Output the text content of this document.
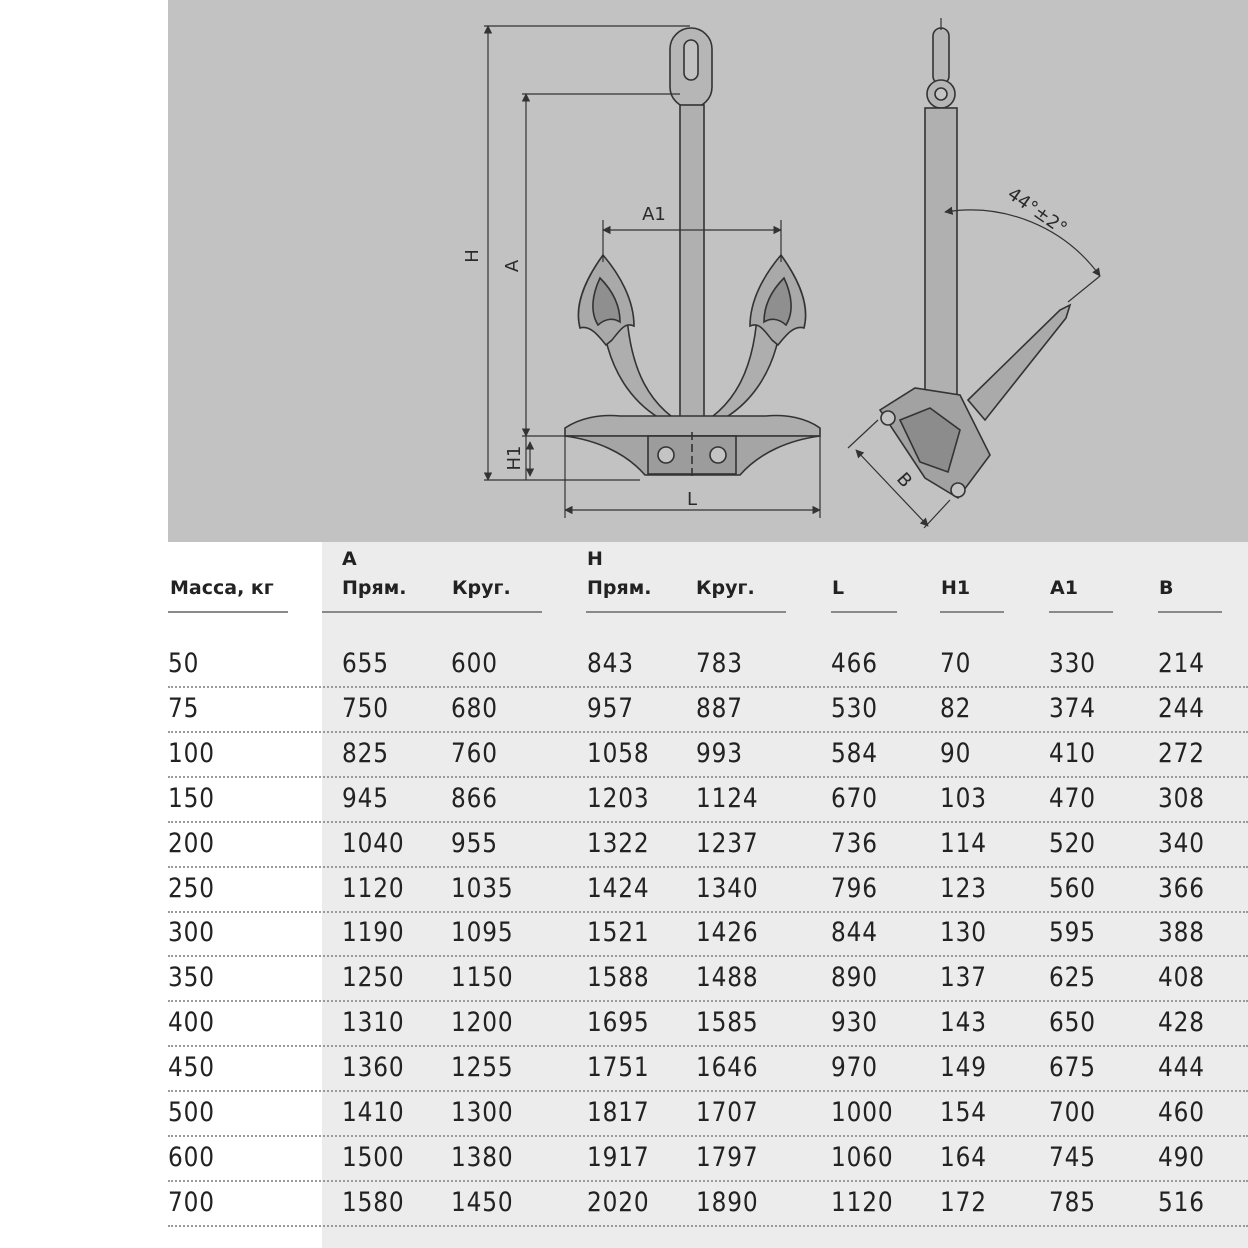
H
A
H1
A1
L
44°±2°
B
Масса, кг
A
Прям. Круг.
H
Прям. Круг.	L	H1	A1	B
50	655 600	843 783	466 70	330 214
75	750 680	957 887	530 82	374 244
100	825 760	1058 993	584 90	410 272
150	945 866	1203 1124	670 103 470 308
200	1040 955	1322 1237	736 114 520 340
250	1120 1035	1424 1340	796 123 560 366
300	1190 1095	1521 1426	844 130 595 388
350	1250 1150	1588 1488	890 137 625 408
400	1310 1200	1695 1585	930 143 650 428
450	1360 1255	1751 1646	970 149 675 444
500	1410 1300	1817 1707	1000 154 700 460
600	1500 1380	1917 1797	1060 164 745 490
700	1580 1450	2020 1890	1120 172 785 516
